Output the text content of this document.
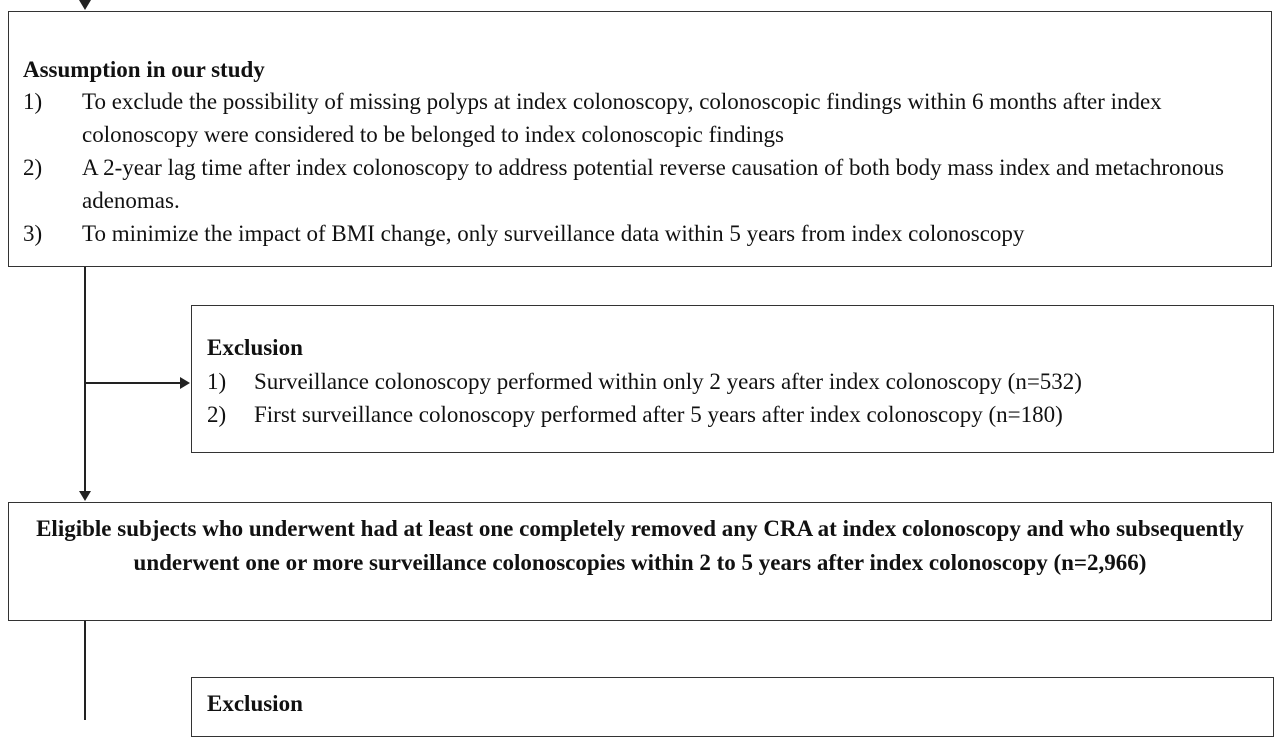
Assumption in our study
1) To exclude the possibility of missing polyps at index colonoscopy, colonoscopic findings within 6 months after index colonoscopy were considered to be belonged to index colonoscopic findings
2) A 2-year lag time after index colonoscopy to address potential reverse causation of both body mass index and metachronous adenomas.
3) To minimize the impact of BMI change, only surveillance data within 5 years from index colonoscopy
Exclusion
1) Surveillance colonoscopy performed within only 2 years after index colonoscopy (n=532)
2) First surveillance colonoscopy performed after 5 years after index colonoscopy (n=180)
Eligible subjects who underwent had at least one completely removed any CRA at index colonoscopy and who subsequently underwent one or more surveillance colonoscopies within 2 to 5 years after index colonoscopy (n=2,966)
Exclusion
